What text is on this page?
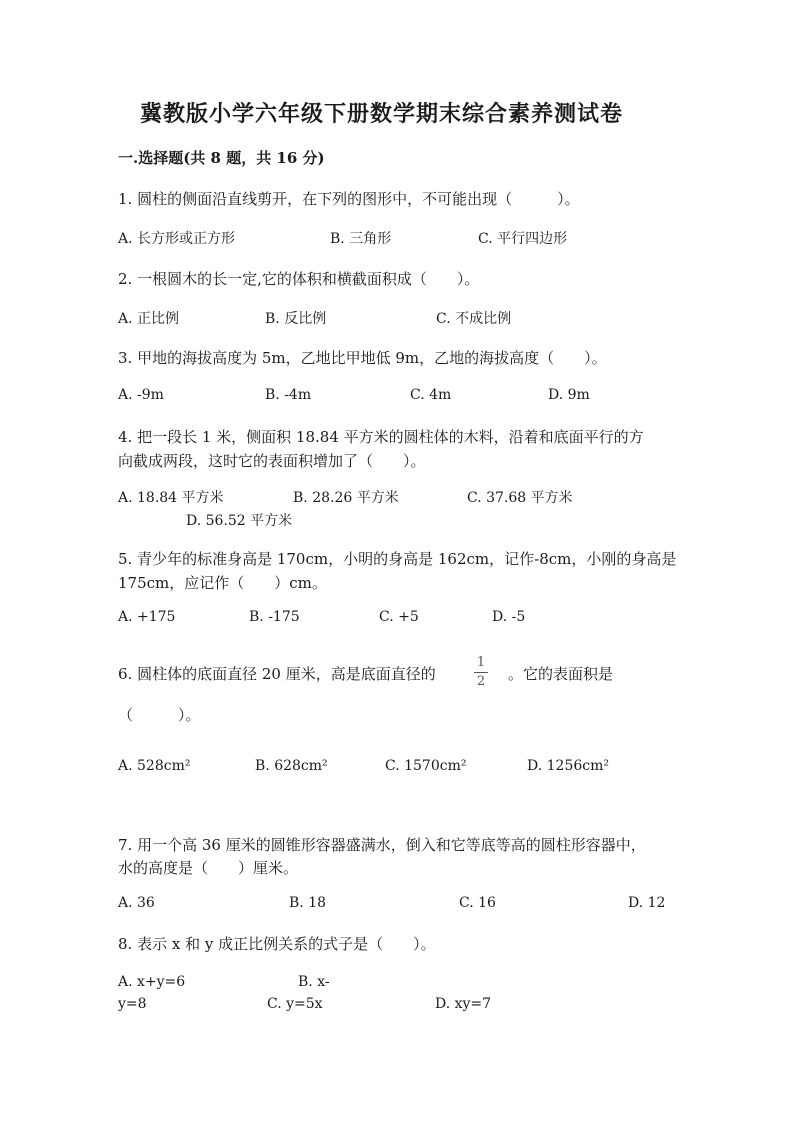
冀教版小学六年级下册数学期末综合素养测试卷
一.选择题(共 8 题，共 16 分)
1. 圆柱的侧面沿直线剪开，在下列的图形中，不可能出现（　　　）。
A. 长方形或正方形	B. 三角形	C. 平行四边形
2. 一根圆木的长一定,它的体积和横截面积成（　　）。
A. 正比例	B. 反比例	C. 不成比例
3. 甲地的海拔高度为 5m，乙地比甲地低 9m，乙地的海拔高度（　　）。
A. -9m	B. -4m	C. 4m	D. 9m
4. 把一段长 1 米，侧面积 18.84 平方米的圆柱体的木料，沿着和底面平行的方
向截成两段，这时它的表面积增加了（　　）。
A. 18.84 平方米	B. 28.26 平方米	C. 37.68 平方米
D. 56.52 平方米
5. 青少年的标准身高是 170cm，小明的身高是 162cm，记作-8cm，小刚的身高是
175cm，应记作（　　）cm。
A. +175	B. -175	C. +5	D. -5
6. 圆柱体的底面直径 20 厘米，高是底面直径的
1
2 。它的表面积是
（　　　）。
A. 528cm²	B. 628cm²	C. 1570cm²	D. 1256cm²
7. 用一个高 36 厘米的圆锥形容器盛满水，倒入和它等底等高的圆柱形容器中，
水的高度是（　　）厘米。
A. 36	B. 18	C. 16	D. 12
8. 表示 x 和 y 成正比例关系的式子是（　　）。
A. x+y=6	B. x-
y=8	C. y=5x	D. xy=7
